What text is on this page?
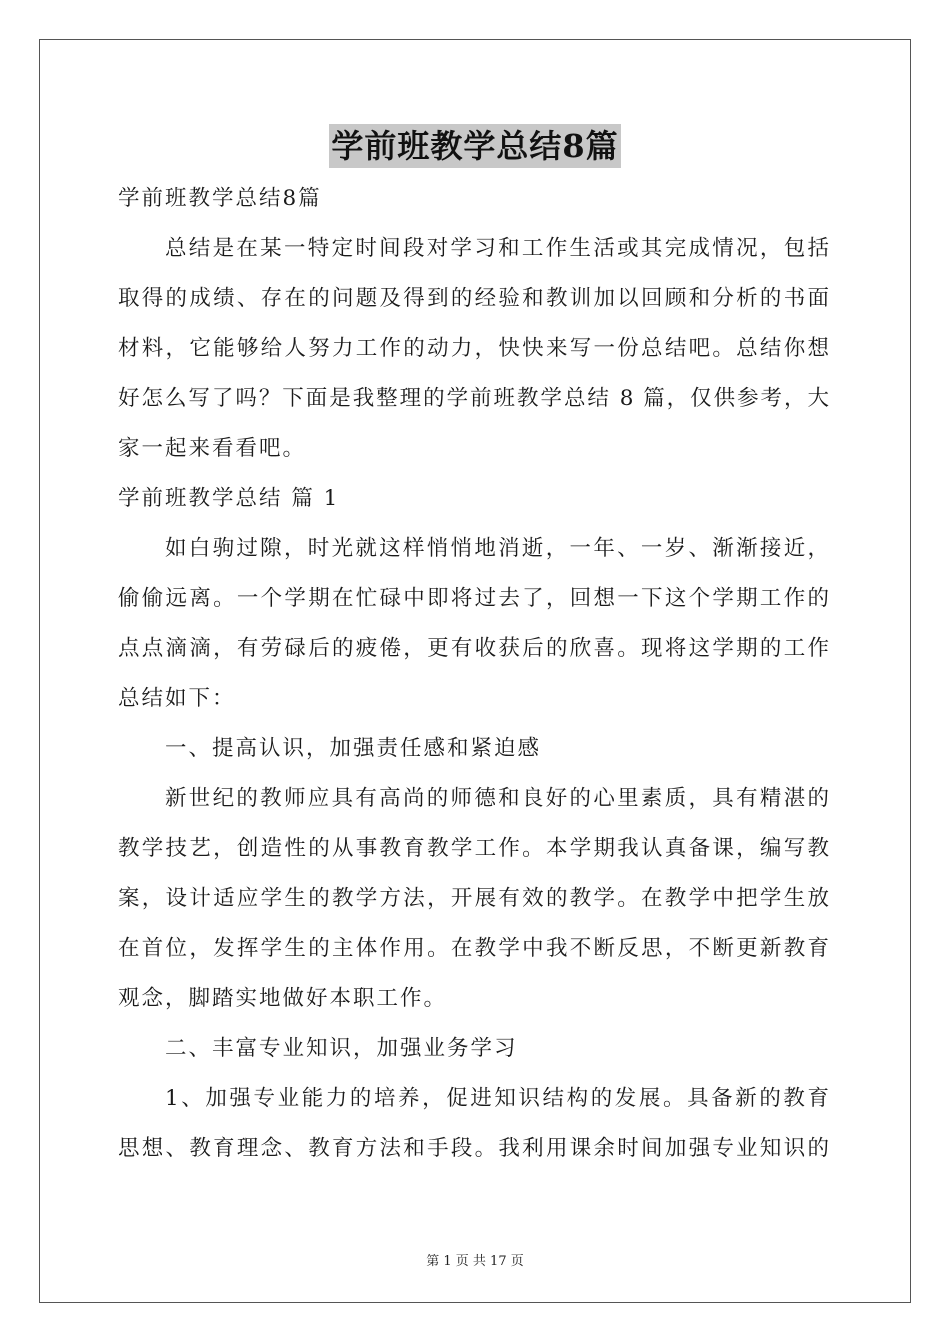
学前班教学总结8篇
学前班教学总结8篇
总结是在某一特定时间段对学习和工作生活或其完成情况，包括
取得的成绩、存在的问题及得到的经验和教训加以回顾和分析的书面
材料，它能够给人努力工作的动力，快快来写一份总结吧。总结你想
好怎么写了吗？下面是我整理的学前班教学总结 8 篇，仅供参考，大
家一起来看看吧。
学前班教学总结 篇 1
如白驹过隙，时光就这样悄悄地消逝，一年、一岁、渐渐接近，
偷偷远离。一个学期在忙碌中即将过去了，回想一下这个学期工作的
点点滴滴，有劳碌后的疲倦，更有收获后的欣喜。现将这学期的工作
总结如下：
一、提高认识，加强责任感和紧迫感
新世纪的教师应具有高尚的师德和良好的心里素质，具有精湛的
教学技艺，创造性的从事教育教学工作。本学期我认真备课，编写教
案，设计适应学生的教学方法，开展有效的教学。在教学中把学生放
在首位，发挥学生的主体作用。在教学中我不断反思，不断更新教育
观念，脚踏实地做好本职工作。
二、丰富专业知识，加强业务学习
1、加强专业能力的培养，促进知识结构的发展。具备新的教育
思想、教育理念、教育方法和手段。我利用课余时间加强专业知识的
第 1 页 共 17 页
